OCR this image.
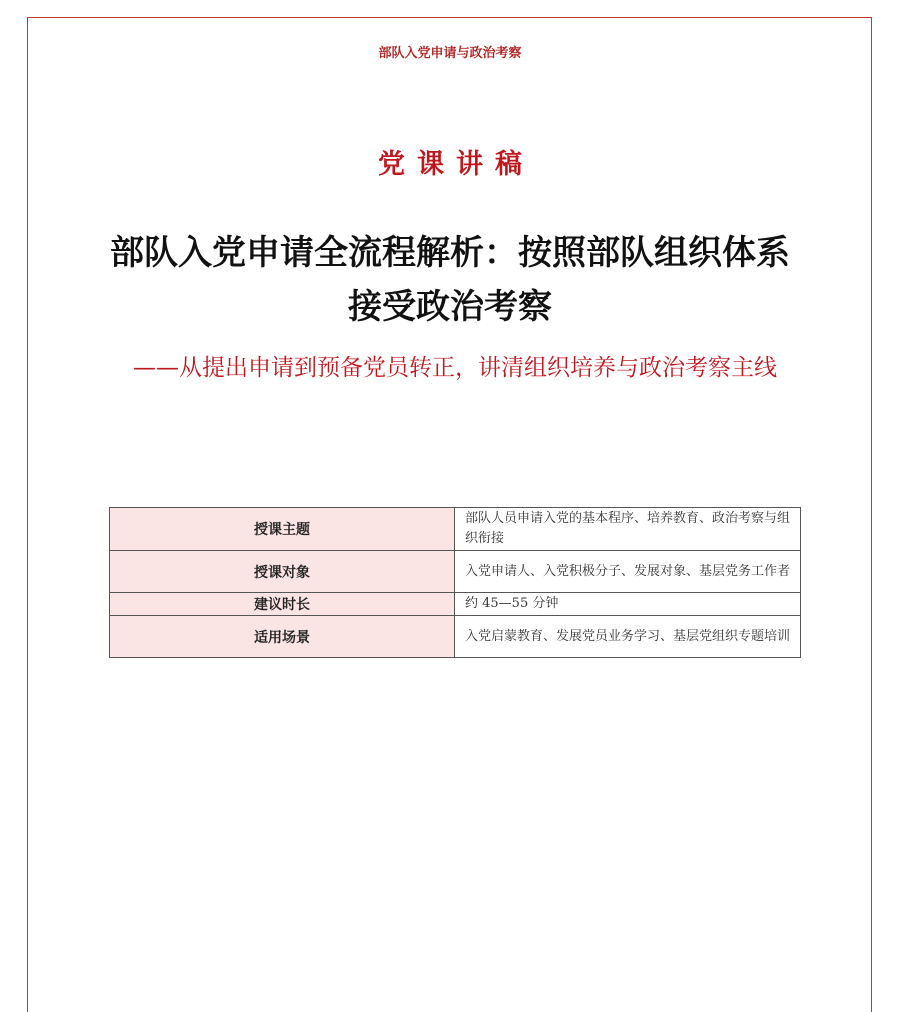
部队入党申请与政治考察
党课讲稿
部队入党申请全流程解析：按照部队组织体系接受政治考察
——从提出申请到预备党员转正，讲清组织培养与政治考察主线
授课主题	部队人员申请入党的基本程序、培养教育、政治考察与组织衔接
授课对象	入党申请人、入党积极分子、发展对象、基层党务工作者
建议时长	约 45—55 分钟
适用场景	入党启蒙教育、发展党员业务学习、基层党组织专题培训
